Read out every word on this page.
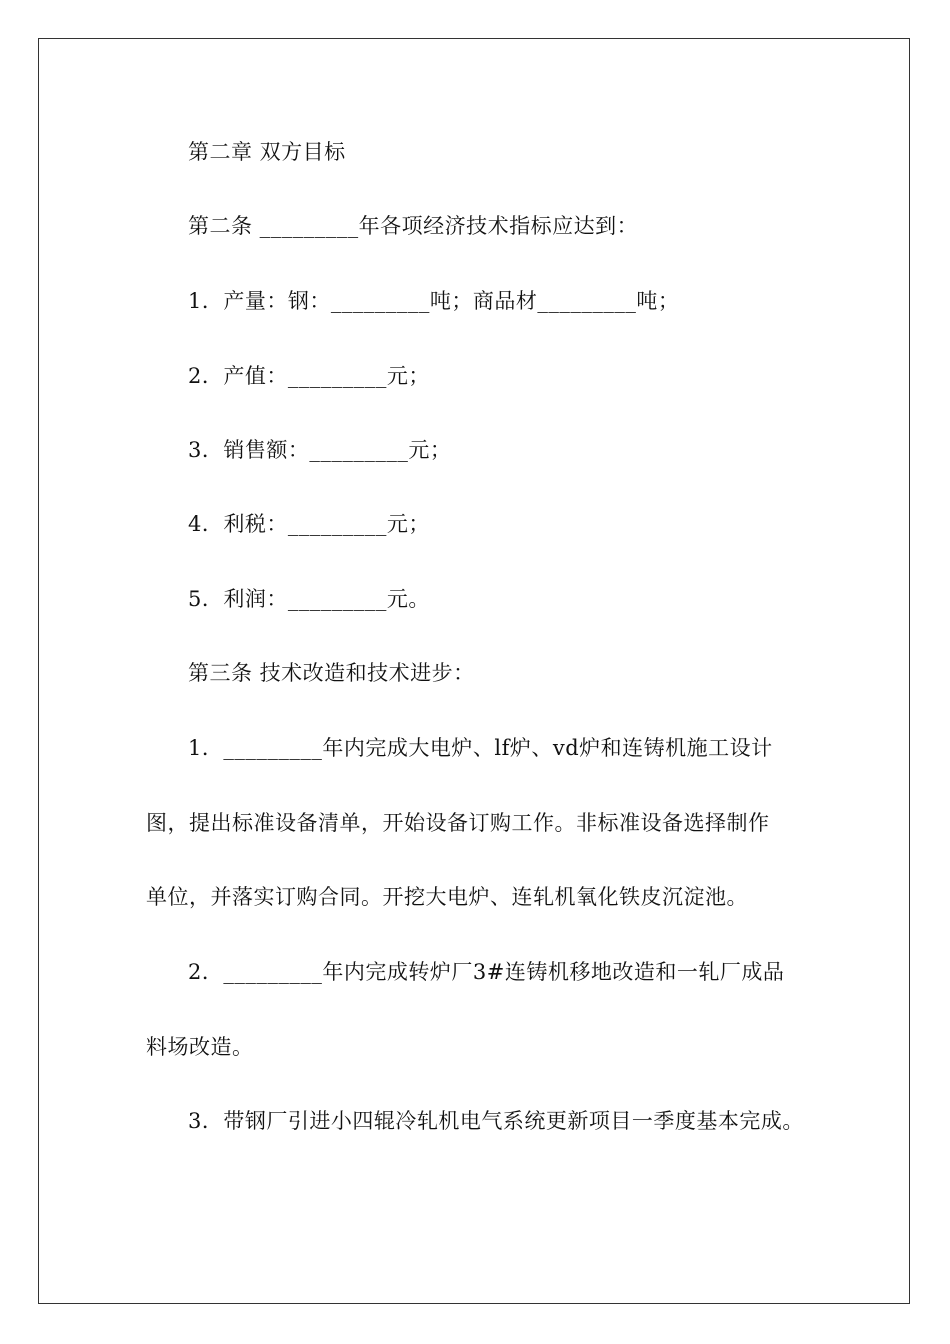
第二章 双方目标
第二条 _________年各项经济技术指标应达到：
1．产量：钢：_________吨；商品材_________吨；
2．产值：_________元；
3．销售额：_________元；
4．利税：_________元；
5．利润：_________元。
第三条 技术改造和技术进步：
1．_________年内完成大电炉、lf炉、vd炉和连铸机施工设计
图，提出标准设备清单，开始设备订购工作。非标准设备选择制作
单位，并落实订购合同。开挖大电炉、连轧机氧化铁皮沉淀池。
2．_________年内完成转炉厂3#连铸机移地改造和一轧厂成品
料场改造。
3．带钢厂引进小四辊冷轧机电气系统更新项目一季度基本完成。
